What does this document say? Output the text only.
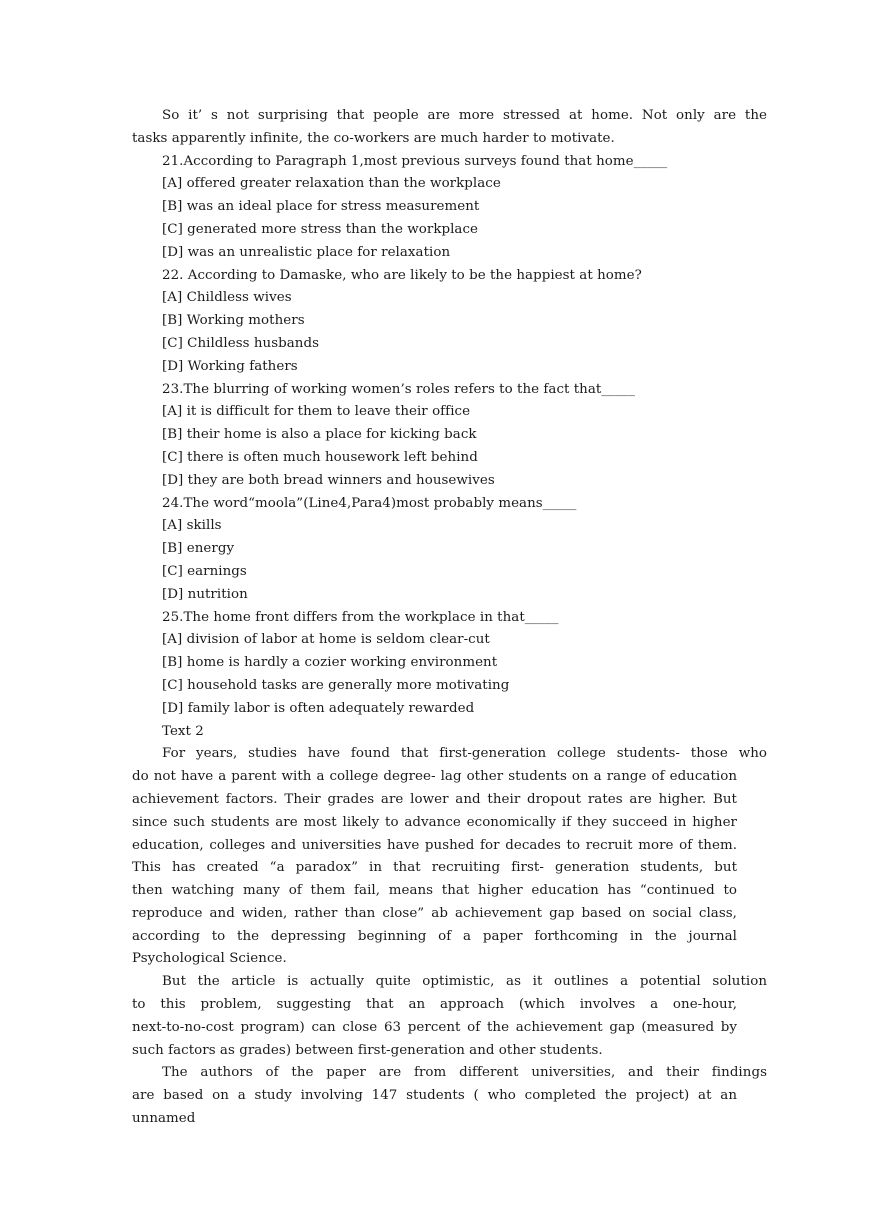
So it’ s not surprising that people are more stressed at home. Not only are the
tasks apparently infinite, the co-workers are much harder to motivate.
21.According to Paragraph 1,most previous surveys found that home_____
[A] offered greater relaxation than the workplace
[B] was an ideal place for stress measurement
[C] generated more stress than the workplace
[D] was an unrealistic place for relaxation
22. According to Damaske, who are likely to be the happiest at home?
[A] Childless wives
[B] Working mothers
[C] Childless husbands
[D] Working fathers
23.The blurring of working women’s roles refers to the fact that_____
[A] it is difficult for them to leave their office
[B] their home is also a place for kicking back
[C] there is often much housework left behind
[D] they are both bread winners and housewives
24.The word“moola”(Line4,Para4)most probably means_____
[A] skills
[B] energy
[C] earnings
[D] nutrition
25.The home front differs from the workplace in that_____
[A] division of labor at home is seldom clear-cut
[B] home is hardly a cozier working environment
[C] household tasks are generally more motivating
[D] family labor is often adequately rewarded
Text 2
For years, studies have found that first-generation college students- those who
do not have a parent with a college degree- lag other students on a range of education
achievement factors. Their grades are lower and their dropout rates are higher. But
since such students are most likely to advance economically if they succeed in higher
education, colleges and universities have pushed for decades to recruit more of them.
This has created “a paradox” in that recruiting first- generation students, but
then watching many of them fail, means that higher education has “continued to
reproduce and widen, rather than close” ab achievement gap based on social class,
according to the depressing beginning of a paper forthcoming in the journal
Psychological Science.
But the article is actually quite optimistic, as it outlines a potential solution
to this problem, suggesting that an approach (which involves a one-hour,
next-to-no-cost program) can close 63 percent of the achievement gap (measured by
such factors as grades) between first-generation and other students.
The authors of the paper are from different universities, and their findings
are based on a study involving 147 students ( who completed the project) at an unnamed
